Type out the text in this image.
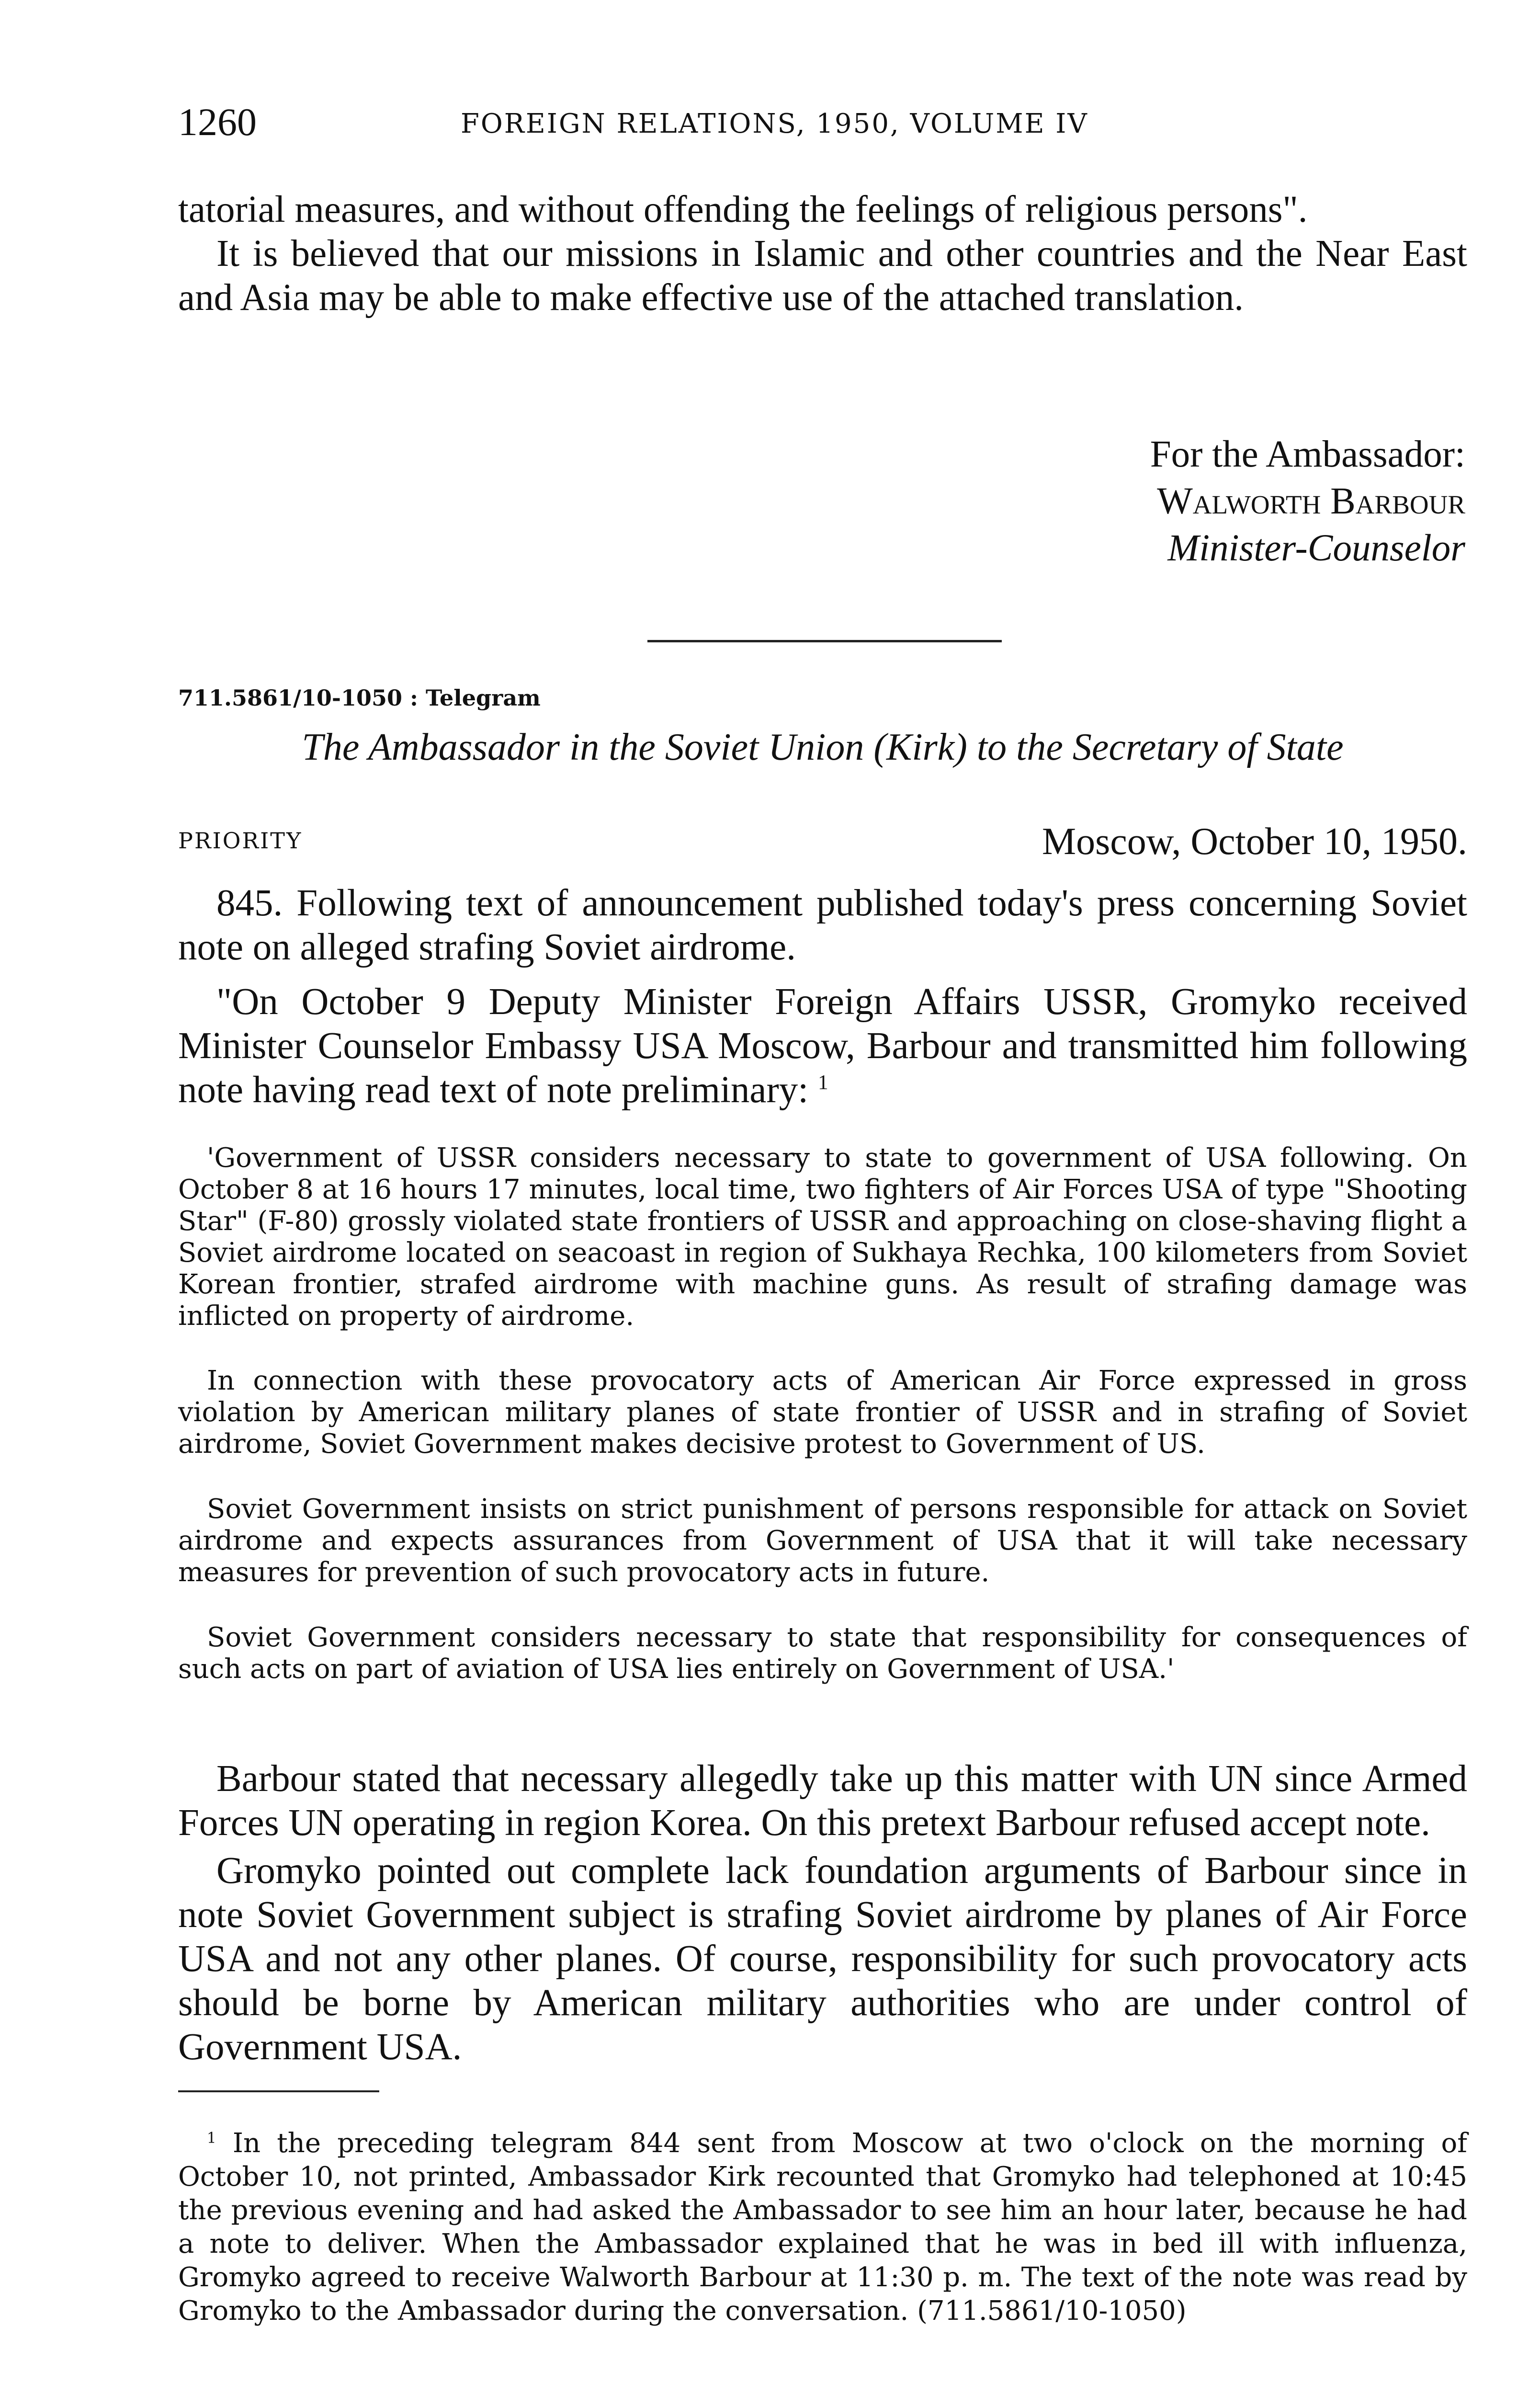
1260	FOREIGN RELATIONS, 1950, VOLUME IV

tatorial measures, and without offending the feelings of religious persons".

It is believed that our missions in Islamic and other countries and the Near East and Asia may be able to make effective use of the attached translation.

For the Ambassador:
Walworth Barbour
Minister-Counselor
711.5861/10-1050 : Telegram
The Ambassador in the Soviet Union (Kirk) to the Secretary of State
PRIORITY	Moscow, October 10, 1950.

845. Following text of announcement published today's press concerning Soviet note on alleged strafing Soviet airdrome.

"On October 9 Deputy Minister Foreign Affairs USSR, Gromyko received Minister Counselor Embassy USA Moscow, Barbour and transmitted him following note having read text of note preliminary: $^1$

'Government of USSR considers necessary to state to government of USA following. On October 8 at 16 hours 17 minutes, local time, two fighters of Air Forces USA of type "Shooting Star" (F-80) grossly violated state frontiers of USSR and approaching on close-shaving flight a Soviet airdrome located on seacoast in region of Sukhaya Rechka, 100 kilometers from Soviet Korean frontier, strafed airdrome with machine guns. As result of strafing damage was inflicted on property of airdrome.
In connection with these provocatory acts of American Air Force expressed in gross violation by American military planes of state frontier of USSR and in strafing of Soviet airdrome, Soviet Government makes decisive protest to Government of US.
Soviet Government insists on strict punishment of persons responsible for attack on Soviet airdrome and expects assurances from Government of USA that it will take necessary measures for prevention of such provocatory acts in future.
Soviet Government considers necessary to state that responsibility for consequences of such acts on part of aviation of USA lies entirely on Government of USA.'

Barbour stated that necessary allegedly take up this matter with UN since Armed Forces UN operating in region Korea. On this pretext Barbour refused accept note.

Gromyko pointed out complete lack foundation arguments of Barbour since in note Soviet Government subject is strafing Soviet airdrome by planes of Air Force USA and not any other planes. Of course, responsibility for such provocatory acts should be borne by American military authorities who are under control of Government USA.

$^1$ In the preceding telegram 844 sent from Moscow at two o'clock on the morning of October 10, not printed, Ambassador Kirk recounted that Gromyko had telephoned at 10:45 the previous evening and had asked the Ambassador to see him an hour later, because he had a note to deliver. When the Ambassador explained that he was in bed ill with influenza, Gromyko agreed to receive Walworth Barbour at 11:30 p. m. The text of the note was read by Gromyko to the Ambassador during the conversation. (711.5861/10-1050)
